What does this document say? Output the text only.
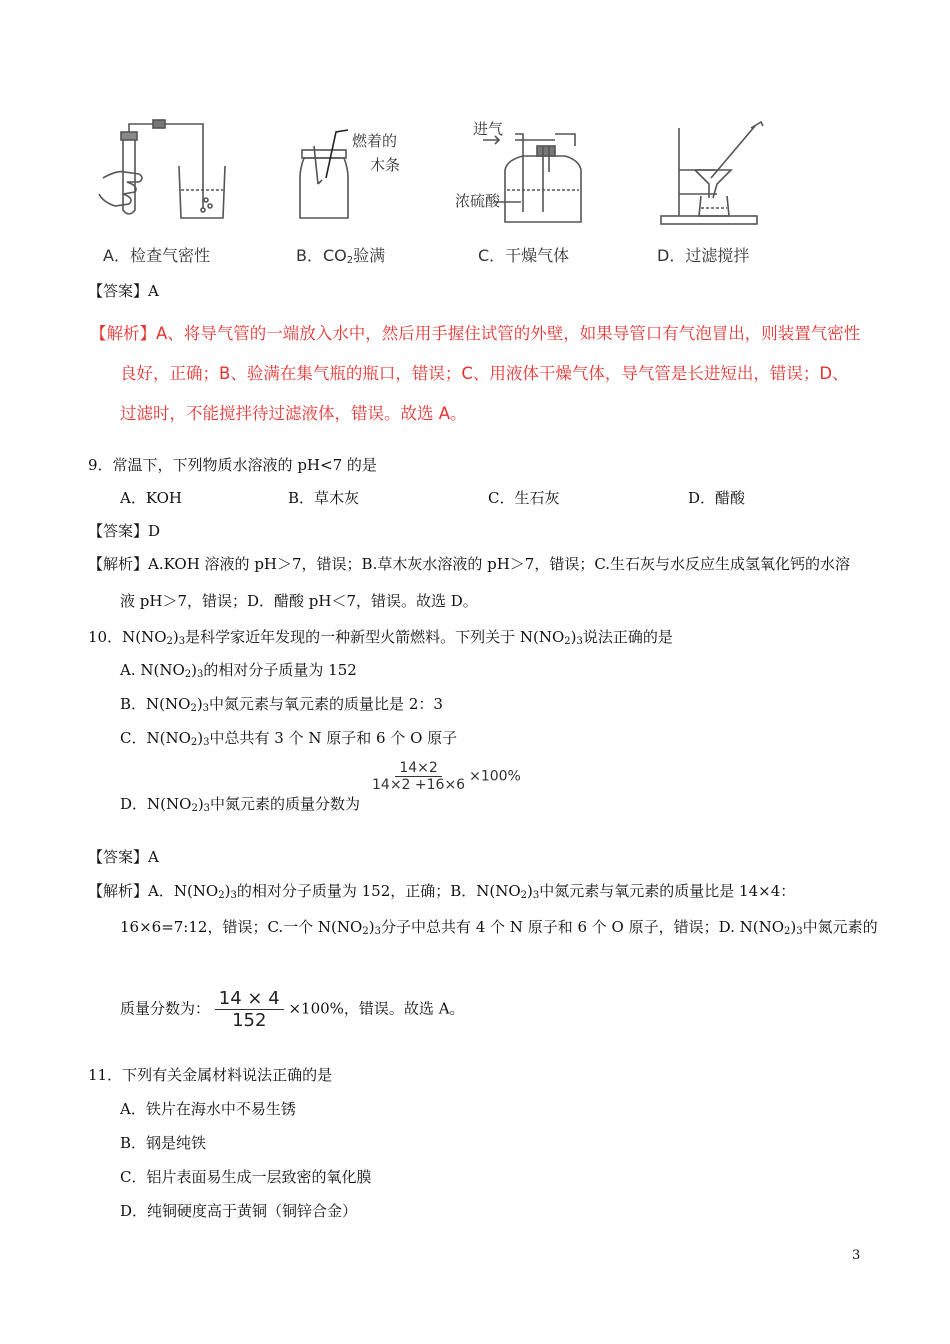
燃着的
木条
进气
浓硫酸
A．检查气密性	B．$CO_2$验满	C．干燥气体	D．过滤搅拌
【答案】A
【解析】A、将导气管的一端放入水中，然后用手握住试管的外壁，如果导管口有气泡冒出，则装置气密性
良好，正确；B、验满在集气瓶的瓶口，错误；C、用液体干燥气体，导气管是长进短出，错误；D、
过滤时，不能搅拌待过滤液体，错误。故选 A。
9．常温下，下列物质水溶液的 pH<7 的是
A．KOH	B．草木灰	C．生石灰	D．醋酸
【答案】D
【解析】A.KOH 溶液的 pH＞7，错误；B.草木灰水溶液的 pH＞7，错误；C.生石灰与水反应生成氢氧化钙的水溶
液 pH＞7，错误；D．醋酸 pH＜7，错误。故选 D。
10．$N(NO_2)_3$是科学家近年发现的一种新型火箭燃料。下列关于 $N(NO_2)_3$说法正确的是
A. $N(NO_2)_3$的相对分子质量为 152
B．$N(NO_2)_3$中氮元素与氧元素的质量比是 2：3
C．$N(NO_2)_3$中总共有 3 个 N 原子和 6 个 O 原子
D．$N(NO_2)_3$中氮元素的质量分数为
$\frac{14\times 2}{14\times 2 +16\times 6} \times 100\%$
【答案】A
【解析】A．$N(NO_2)_3$的相对分子质量为 152，正确；B．$N(NO_2)_3$中氮元素与氧元素的质量比是 14×4：
16×6=7:12，错误；C.一个 $N(NO_2)_3$分子中总共有 4 个 N 原子和 6 个 O 原子，错误；D. $N(NO_2)_3$中氮元素的
质量分数为： $\frac{14 \times 4}{152} \times 100\%$，错误。故选 A。
11．下列有关金属材料说法正确的是
A．铁片在海水中不易生锈
B．钢是纯铁
C．铝片表面易生成一层致密的氧化膜
D．纯铜硬度高于黄铜（铜锌合金）
3
